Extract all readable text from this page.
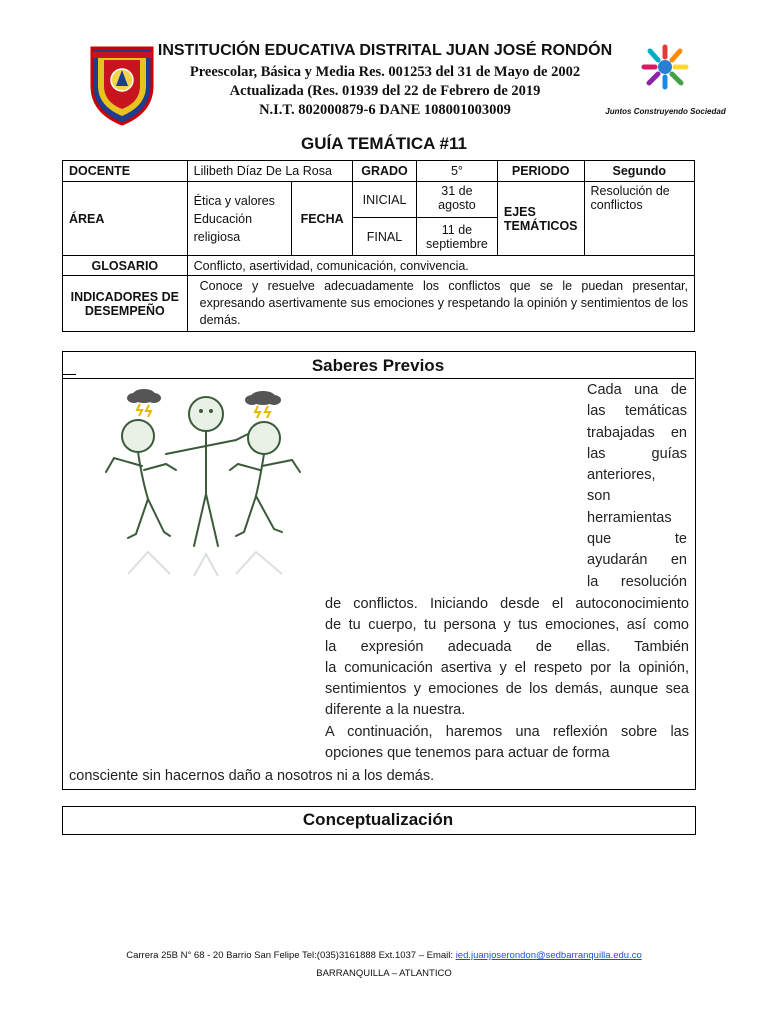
INSTITUCIÓN EDUCATIVA DISTRITAL JUAN JOSÉ RONDÓN
Preescolar, Básica y Media Res. 001253 del 31 de Mayo de 2002
Actualizada (Res. 01939 del 22 de Febrero de 2019
N.I.T. 802000879-6 DANE 108001003009	Juntos Construyendo Sociedad
GUÍA TEMÁTICA #11
DOCENTE	Lilibeth Díaz De La Rosa		GRADO	5°	PERIODO	Segundo
ÁREA	Ética y valores
Educación religiosa	FECHA	INICIAL	31 de agosto	EJES TEMÁTICOS	Resolución de conflictos
			FINAL	11 de septiembre		
GLOSARIO	Conflicto, asertividad, comunicación, convivencia.					
INDICADORES DE DESEMPEÑO	Conoce y resuelve adecuadamente los conflictos que se le puedan presentar, expresando asertivamente sus emociones y respetando la opinión y sentimientos de los demás.					
Saberes Previos
Cada una de
las temáticas
trabajadas en
las guías
anteriores,
son
herramientas
que te
ayudarán en
la resolución
de conflictos. Iniciando desde el autoconocimiento
de tu cuerpo, tu persona y tus emociones, así como
la expresión adecuada de ellas. También
la comunicación asertiva y el respeto por la opinión,
sentimientos y emociones de los demás, aunque sea
diferente a la nuestra.
A continuación, haremos una reflexión sobre las
opciones que tenemos para actuar de forma
consciente sin hacernos daño a nosotros ni a los demás.
Conceptualización
Carrera 25B N° 68 - 20 Barrio San Felipe Tel:(035)3161888 Ext.1037 – Email: ied.juanjoserondon@sedbarranquilla.edu.co
BARRANQUILLA – ATLANTICO
